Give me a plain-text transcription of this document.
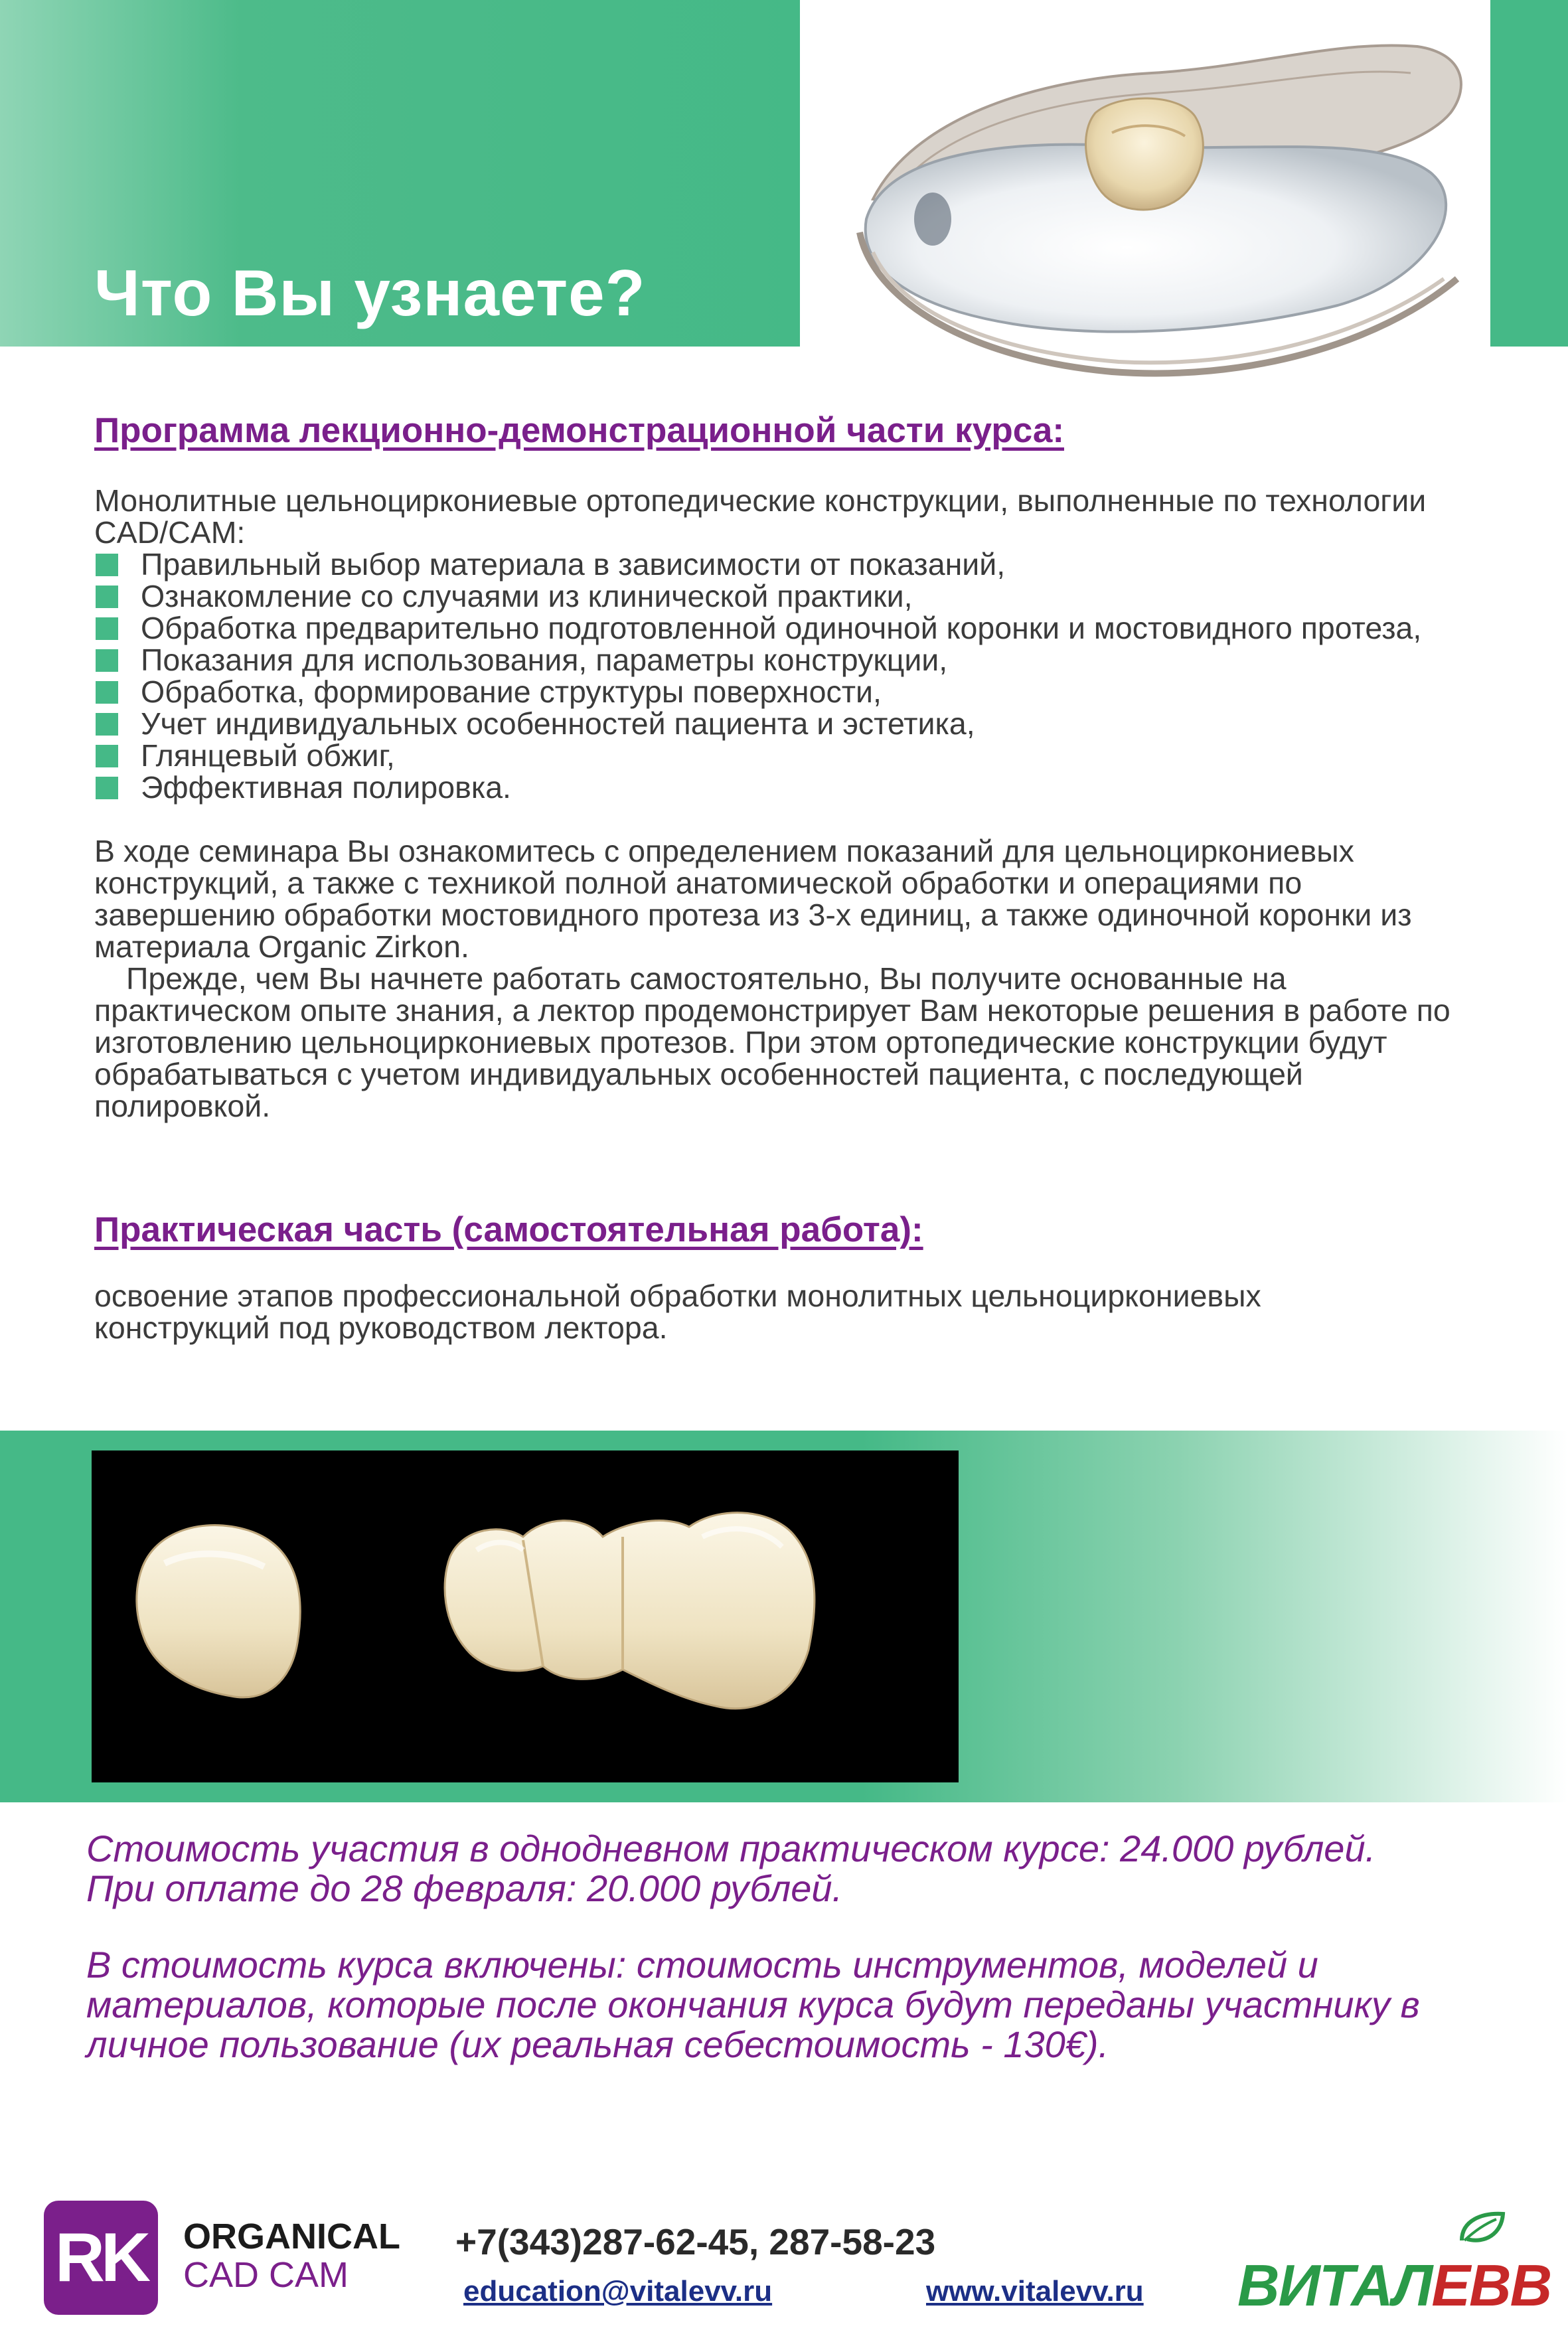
Что Вы узнаете?
Программа лекционно-демонстрационной части курса:

Монолитные цельноциркониевые ортопедические конструкции, выполненные по технологии CAD/CAM:

Правильный выбор материала в зависимости от показаний,
Ознакомление со случаями из клинической практики,
Обработка предварительно подготовленной одиночной коронки и мостовидного протеза,
Показания для использования, параметры конструкции,
Обработка, формирование структуры поверхности,
Учет индивидуальных особенностей пациента и эстетика,
Глянцевый обжиг,
Эффективная полировка.

В ходе семинара Вы ознакомитесь с определением показаний для цельноциркониевых конструкций, а также с техникой полной анатомической обработки и операциями по завершению обработки мостовидного протеза из 3-х единиц, а также одиночной коронки из материала Organic Zirkon.

Прежде, чем Вы начнете работать самостоятельно, Вы получите основанные на практическом опыте знания, а лектор продемонстрирует Вам некоторые решения в работе по изготовлению цельноциркониевых протезов. При этом ортопедические конструкции будут обрабатываться с учетом индивидуальных особенностей пациента, с последующей полировкой.

Практическая часть (самостоятельная работа):
освоение этапов профессиональной обработки монолитных цельноциркониевых конструкций под руководством лектора.

Стоимость участия в однодневном практическом курсе: 24.000 рублей.

При оплате до 28 февраля: 20.000 рублей.

В стоимость курса включены: стоимость инструментов, моделей и материалов, которые после окончания курса будут переданы участнику в личное пользование (их реальная себестоимость - 130€).
RK	ORGANICAL
CAD CAM
+7(343)287-62-45, 287-58-23
education@vitalevv.ru	www.vitalevv.ru ВИТАЛЕВВ
